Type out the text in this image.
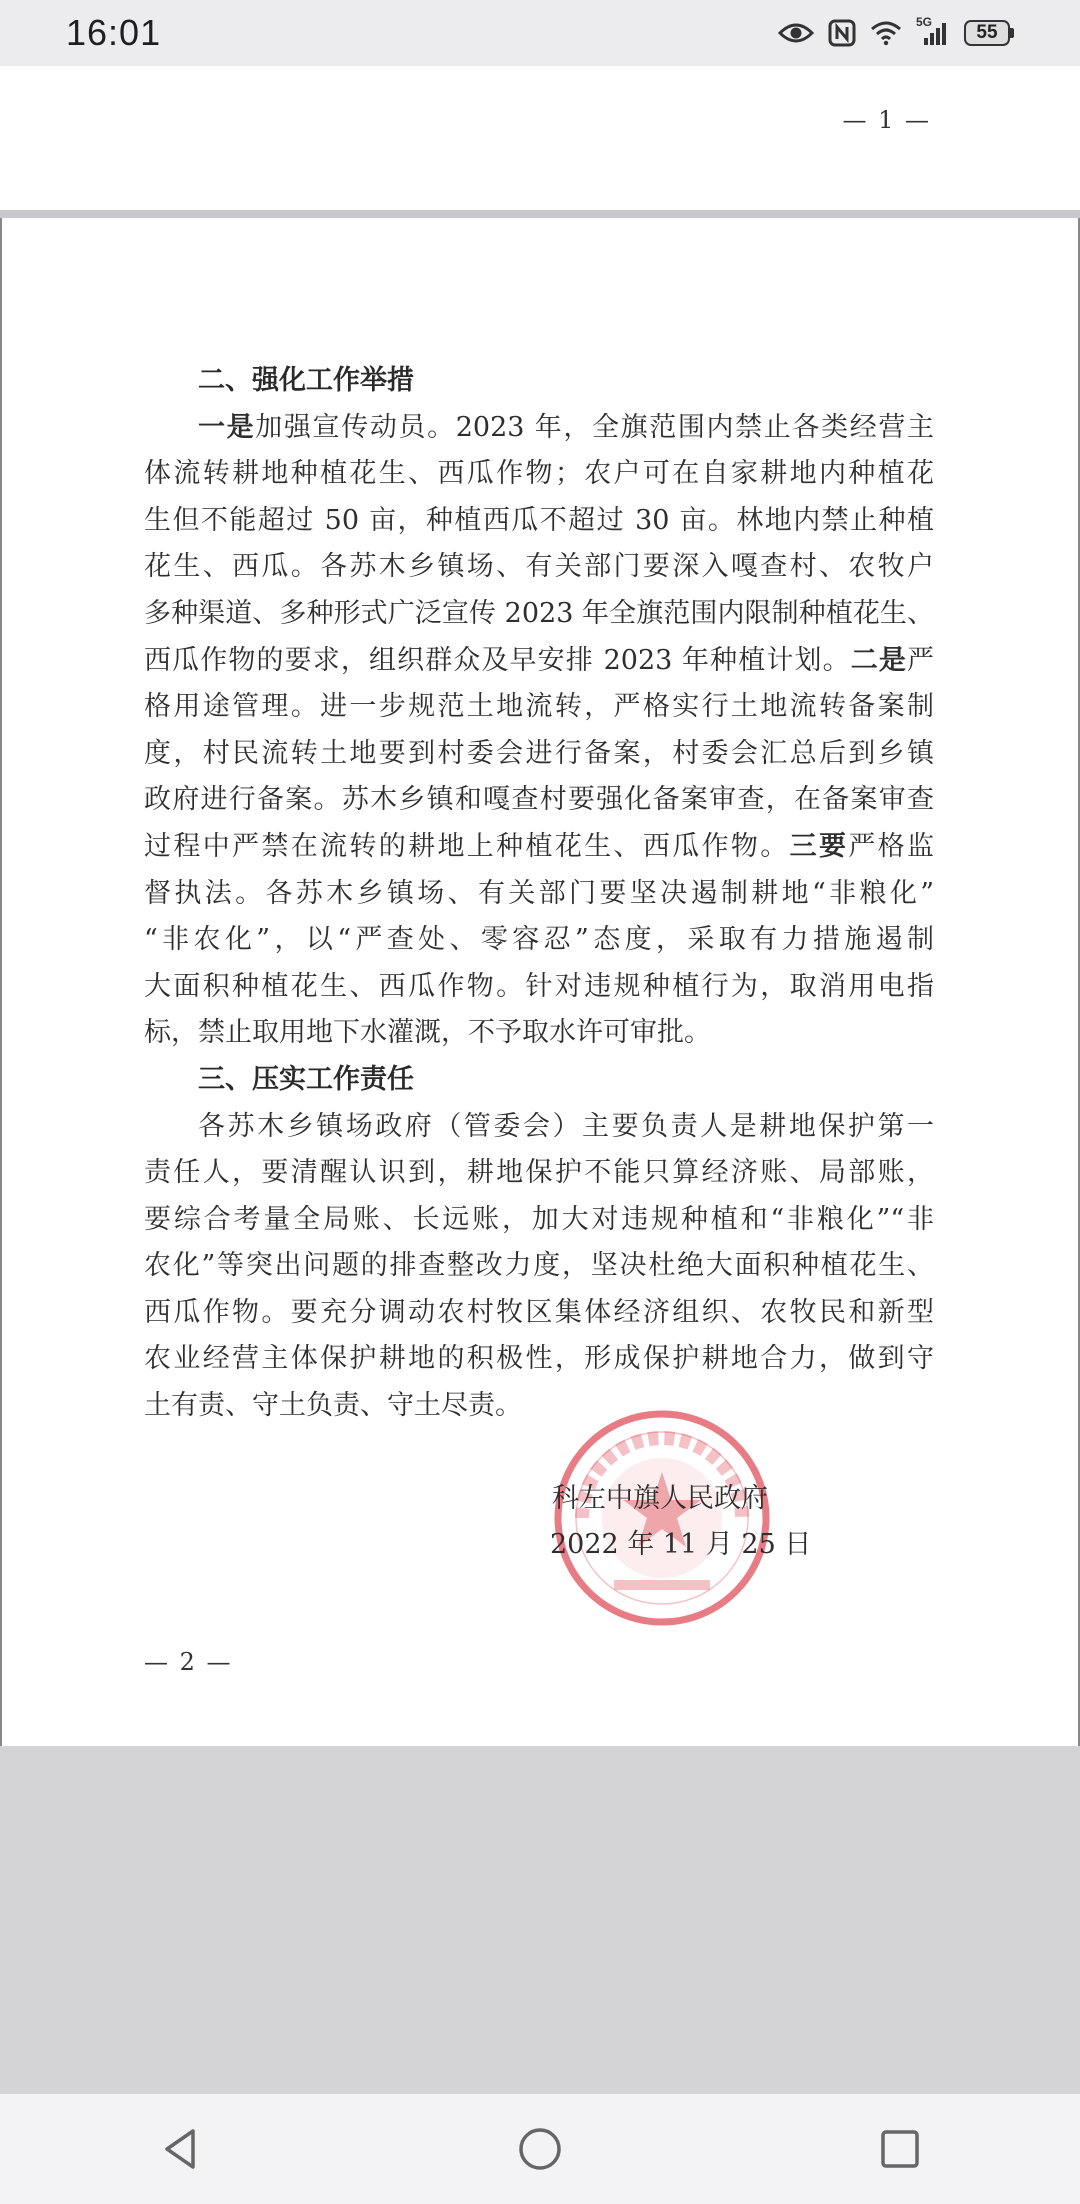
16:01	5G	55
— 1 —

二、强化工作举措

一是加强宣传动员。2023 年，全旗范围内禁止各类经营主

体流转耕地种植花生、西瓜作物；农户可在自家耕地内种植花

生但不能超过 50 亩，种植西瓜不超过 30 亩。林地内禁止种植

花生、西瓜。各苏木乡镇场、有关部门要深入嘎查村、农牧户

多种渠道、多种形式广泛宣传 2023 年全旗范围内限制种植花生、

西瓜作物的要求，组织群众及早安排 2023 年种植计划。二是严

格用途管理。进一步规范土地流转，严格实行土地流转备案制

度，村民流转土地要到村委会进行备案，村委会汇总后到乡镇

政府进行备案。苏木乡镇和嘎查村要强化备案审查，在备案审查

过程中严禁在流转的耕地上种植花生、西瓜作物。三要严格监

督执法。各苏木乡镇场、有关部门要坚决遏制耕地“非粮化”

“非农化”，以“严查处、零容忍”态度，采取有力措施遏制

大面积种植花生、西瓜作物。针对违规种植行为，取消用电指

标，禁止取用地下水灌溉，不予取水许可审批。

三、压实工作责任

各苏木乡镇场政府（管委会）主要负责人是耕地保护第一

责任人，要清醒认识到，耕地保护不能只算经济账、局部账，

要综合考量全局账、长远账，加大对违规种植和“非粮化”“非

农化”等突出问题的排查整改力度，坚决杜绝大面积种植花生、

西瓜作物。要充分调动农村牧区集体经济组织、农牧民和新型

农业经营主体保护耕地的积极性，形成保护耕地合力，做到守

土有责、守土负责、守土尽责。

科左中旗人民政府
2022 年 11 月 25 日
— 2 —
